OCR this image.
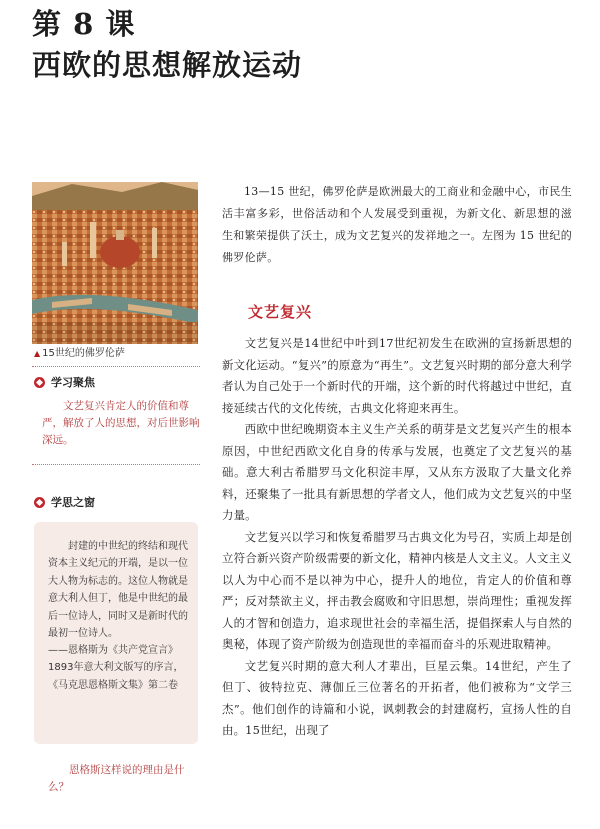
第 8 课
西欧的思想解放运动
▲ 15世纪的佛罗伦萨
学习聚焦
文艺复兴肯定人的价值和尊严，解放了人的思想，对后世影响深远。
学思之窗
封建的中世纪的终结和现代资本主义纪元的开端，是以一位大人物为标志的。这位人物就是意大利人但丁，他是中世纪的最后一位诗人，同时又是新时代的最初一位诗人。
——恩格斯为《共产党宣言》1893年意大利文版写的序言，《马克思恩格斯文集》第二卷
恩格斯这样说的理由是什么？
13—15 世纪，佛罗伦萨是欧洲最大的工商业和金融中心，市民生活丰富多彩，世俗活动和个人发展受到重视，为新文化、新思想的滋生和繁荣提供了沃土，成为文艺复兴的发祥地之一。左图为 15 世纪的佛罗伦萨。
文艺复兴

文艺复兴是14世纪中叶到17世纪初发生在欧洲的宣扬新思想的新文化运动。“复兴”的原意为“再生”。文艺复兴时期的部分意大利学者认为自己处于一个新时代的开端，这个新的时代将越过中世纪，直接延续古代的文化传统，古典文化将迎来再生。

西欧中世纪晚期资本主义生产关系的萌芽是文艺复兴产生的根本原因，中世纪西欧文化自身的传承与发展，也奠定了文艺复兴的基础。意大利古希腊罗马文化积淀丰厚，又从东方汲取了大量文化养料，还聚集了一批具有新思想的学者文人，他们成为文艺复兴的中坚力量。

文艺复兴以学习和恢复希腊罗马古典文化为号召，实质上却是创立符合新兴资产阶级需要的新文化，精神内核是人文主义。人文主义以人为中心而不是以神为中心，提升人的地位，肯定人的价值和尊严；反对禁欲主义，抨击教会腐败和守旧思想，崇尚理性；重视发挥人的才智和创造力，追求现世社会的幸福生活，提倡探索人与自然的奥秘，体现了资产阶级为创造现世的幸福而奋斗的乐观进取精神。

文艺复兴时期的意大利人才辈出，巨星云集。14世纪，产生了但丁、彼特拉克、薄伽丘三位著名的开拓者，他们被称为“文学三杰”。他们创作的诗篇和小说，讽刺教会的封建腐朽，宣扬人性的自由。15世纪，出现了
